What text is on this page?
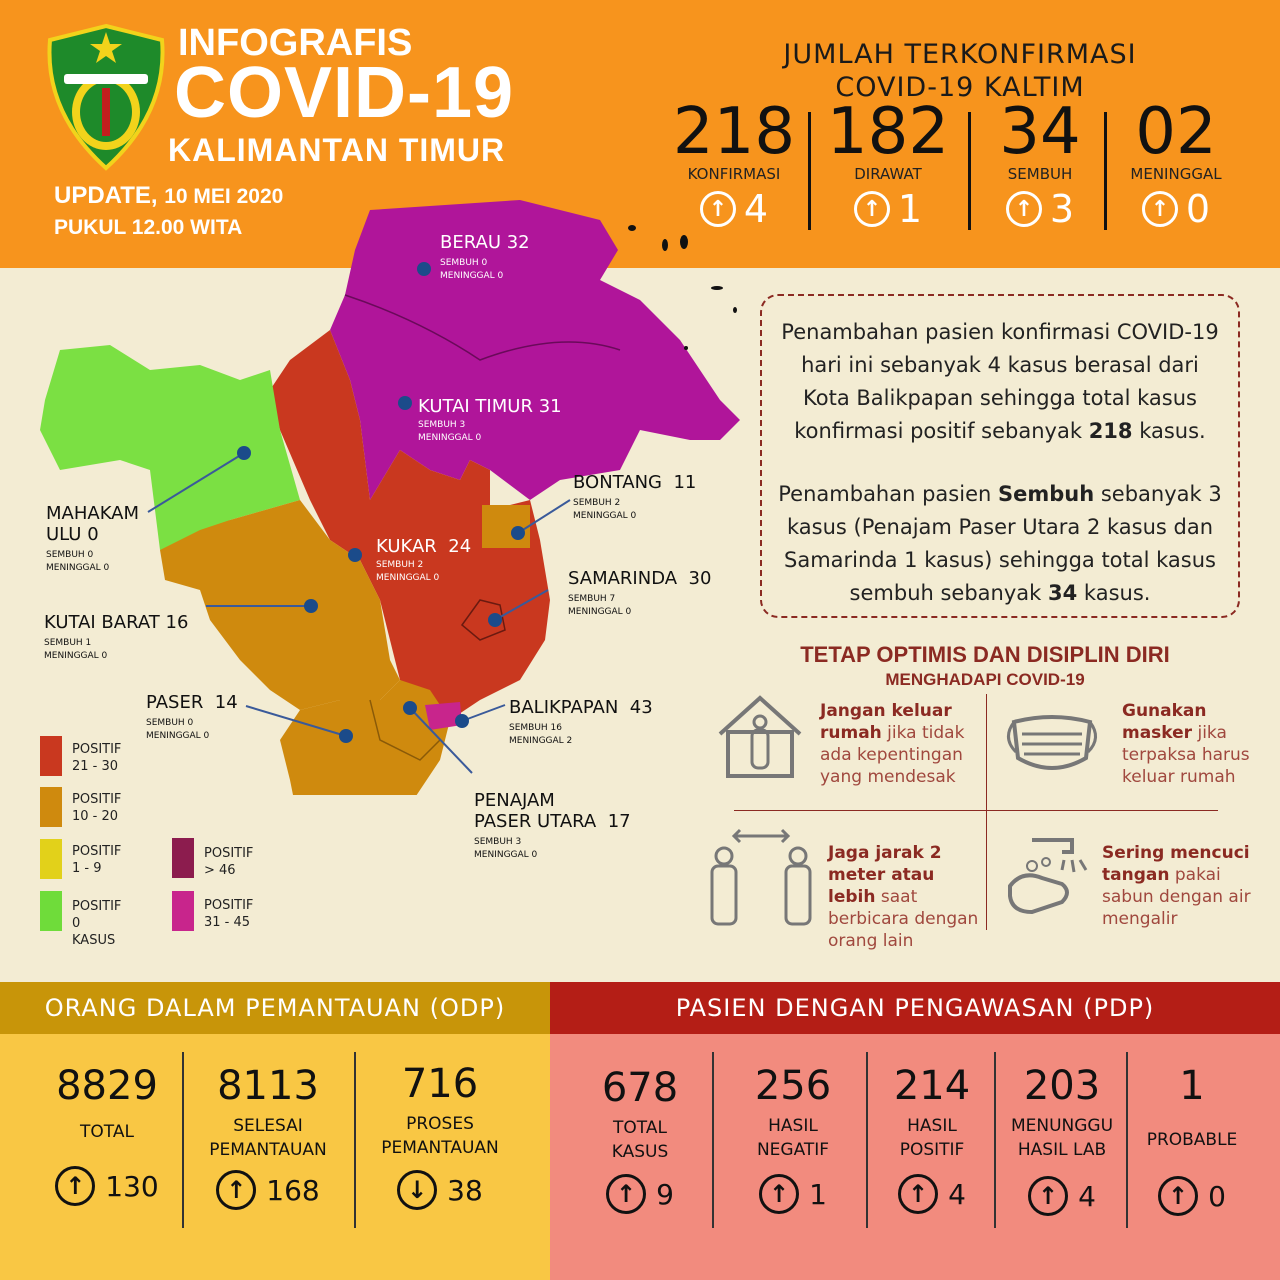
INFOGRAFIS
COVID-19
KALIMANTAN TIMUR
UPDATE, 10 MEI 2020
PUKUL 12.00 WITA
JUMLAH TERKONFIRMASI
COVID-19 KALTIM
218
KONFIRMASI
↑ 4
182
DIRAWAT
↑ 1
34
SEMBUH
↑ 3
02
MENINGGAL
↑ 0
BERAU 32
SEMBUH 0
MENINGGAL 0
KUTAI TIMUR 31
SEMBUH 3
MENINGGAL 0
BONTANG 11
SEMBUH 2
MENINGGAL 0
MAHAKAM
ULU 0
SEMBUH 0
MENINGGAL 0
KUKAR 24
SEMBUH 2
MENINGGAL 0	SAMARINDA 30
SEMBUH 7
MENINGGAL 0
KUTAI BARAT 16
SEMBUH 1
MENINGGAL 0
PASER 14
SEMBUH 0
MENINGGAL 0
BALIKPAPAN 43
SEMBUH 16
MENINGGAL 2
PENAJAM
PASER UTARA 17
SEMBUH 3
MENINGGAL 0
POSITIF
21 - 30
POSITIF
10 - 20
POSITIF
1 - 9
POSITIF
0 KASUS
POSITIF
> 46
POSITIF
31 - 45

Penambahan pasien konfirmasi COVID-19 hari ini sebanyak 4 kasus berasal dari Kota Balikpapan sehingga total kasus konfirmasi positif sebanyak 218 kasus.

Penambahan pasien Sembuh sebanyak 3 kasus (Penajam Paser Utara 2 kasus dan Samarinda 1 kasus) sehingga total kasus sembuh sebanyak 34 kasus.

TETAP OPTIMIS DAN DISIPLIN DIRI
MENGHADAPI COVID-19
Jangan keluar rumah jika tidak ada kepentingan yang mendesak
Gunakan masker jika terpaksa harus keluar rumah
Jaga jarak 2 meter atau lebih saat berbicara dengan orang lain
Sering mencuci tangan pakai sabun dengan air mengalir
ORANG DALAM PEMANTAUAN (ODP)	PASIEN DENGAN PENGAWASAN (PDP)
8829
TOTAL
↑ 130
8113
SELESAI
PEMANTAUAN
↑ 168
716
PROSES
PEMANTAUAN
↓ 38
678
TOTAL
KASUS
↑ 9
256
HASIL
NEGATIF
↑ 1
214
HASIL
POSITIF
↑ 4
203
MENUNGGU
HASIL LAB
↑ 4
1
PROBABLE
↑ 0
